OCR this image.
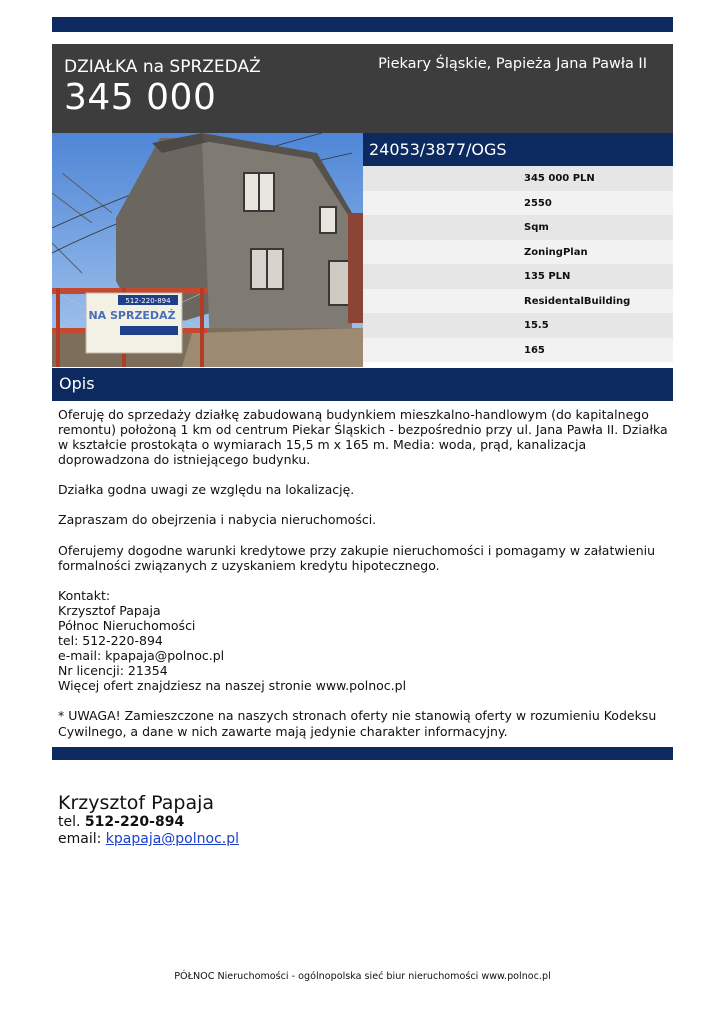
DZIAŁKA na SPRZEDAŻ
345 000
Piekary Śląskie, Papieża Jana Pawła II
512-220-894
NA SPRZEDAŻ
24053/3877/OGS
345 000 PLN
2550
Sqm
ZoningPlan
135 PLN
ResidentalBuilding
15.5
165
Opis

Oferuję do sprzedaży działkę zabudowaną budynkiem mieszkalno-handlowym (do kapitalnego remontu) położoną 1 km od centrum Piekar Śląskich - bezpośrednio przy ul. Jana Pawła II. Działka w kształcie prostokąta o wymiarach 15,5 m x 165 m. Media: woda, prąd, kanalizacja doprowadzona do istniejącego budynku.

Działka godna uwagi ze względu na lokalizację.

Zapraszam do obejrzenia i nabycia nieruchomości.

Oferujemy dogodne warunki kredytowe przy zakupie nieruchomości i pomagamy w załatwieniu formalności związanych z uzyskaniem kredytu hipotecznego.

Kontakt:
Krzysztof Papaja
Północ Nieruchomości
tel: 512-220-894
e-mail: kpapaja@polnoc.pl
Nr licencji: 21354
Więcej ofert znajdziesz na naszej stronie www.polnoc.pl

* UWAGA! Zamieszczone na naszych stronach oferty nie stanowią oferty w rozumieniu Kodeksu Cywilnego, a dane w nich zawarte mają jedynie charakter informacyjny.

Krzysztof Papaja
tel. 512-220-894
email: kpapaja@polnoc.pl
PÓŁNOC Nieruchomości - ogólnopolska sieć biur nieruchomości www.polnoc.pl
